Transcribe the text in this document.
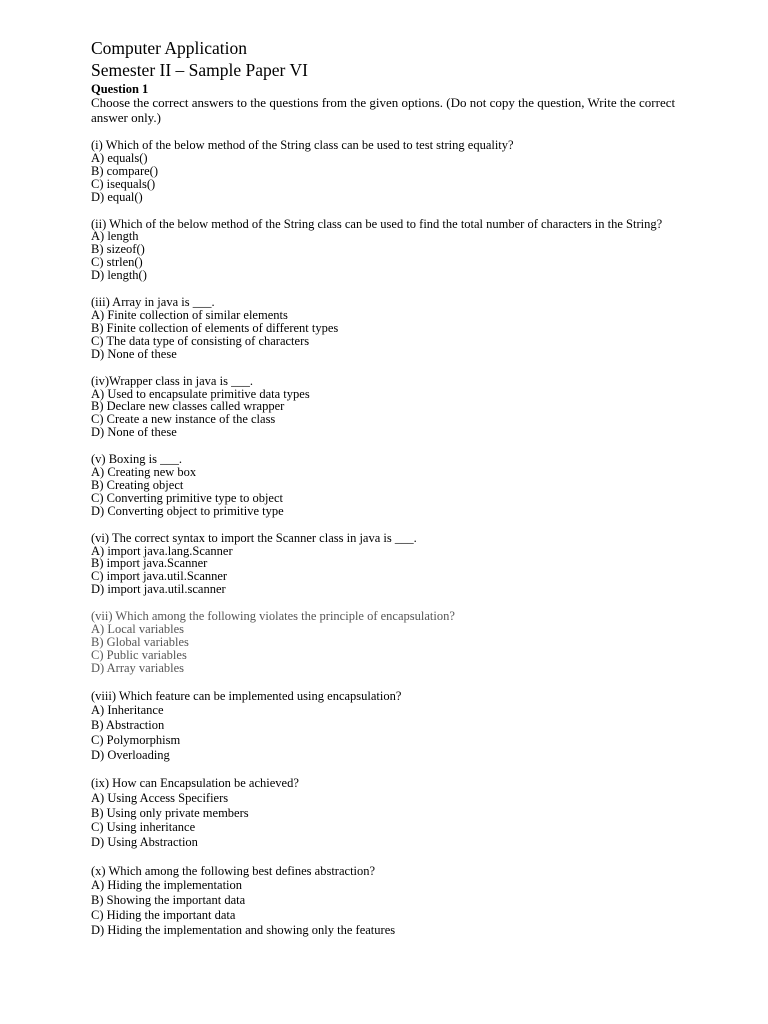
Computer Application
Semester II – Sample Paper VI
Question 1
Choose the correct answers to the questions from the given options. (Do not copy the question, Write the correct answer only.)
(i) Which of the below method of the String class can be used to test string equality?
A) equals()
B) compare()
C) isequals()
D) equal()
(ii) Which of the below method of the String class can be used to find the total number of characters in the String?
A) length
B) sizeof()
C) strlen()
D) length()
(iii) Array in java is ___.
A) Finite collection of similar elements
B) Finite collection of elements of different types
C) The data type of consisting of characters
D) None of these
(iv)Wrapper class in java is ___.
A) Used to encapsulate primitive data types
B) Declare new classes called wrapper
C) Create a new instance of the class
D) None of these
(v) Boxing is ___.
A) Creating new box
B) Creating object
C) Converting primitive type to object
D) Converting object to primitive type
(vi) The correct syntax to import the Scanner class in java is ___.
A) import java.lang.Scanner
B) import java.Scanner
C) import java.util.Scanner
D) import java.util.scanner
(vii) Which among the following violates the principle of encapsulation?
A) Local variables
B) Global variables
C) Public variables
D) Array variables
(viii) Which feature can be implemented using encapsulation?
A) Inheritance
B) Abstraction
C) Polymorphism
D) Overloading
(ix) How can Encapsulation be achieved?
A) Using Access Specifiers
B) Using only private members
C) Using inheritance
D) Using Abstraction
(x) Which among the following best defines abstraction?
A) Hiding the implementation
B) Showing the important data
C) Hiding the important data
D) Hiding the implementation and showing only the features
